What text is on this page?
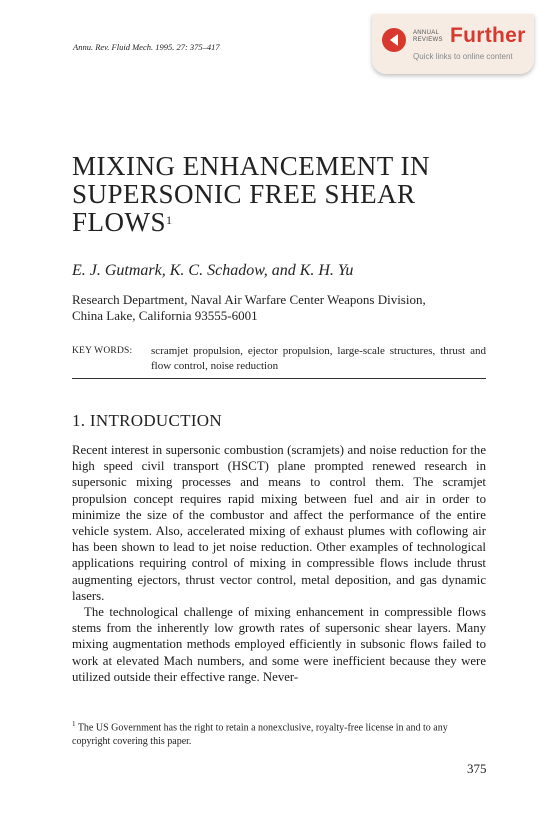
Annu. Rev. Fluid Mech. 1995. 27: 375–417
ANNUAL REVIEWS Further
Quick links to online content
MIXING ENHANCEMENT IN SUPERSONIC FREE SHEAR FLOWS$^1$
E. J. Gutmark, K. C. Schadow, and K. H. Yu
Research Department, Naval Air Warfare Center Weapons Division,
China Lake, California 93555-6001
KEY WORDS: scramjet propulsion, ejector propulsion, large-scale structures, thrust and flow control, noise reduction
1. INTRODUCTION

Recent interest in supersonic combustion (scramjets) and noise reduction for the high speed civil transport (HSCT) plane prompted renewed research in supersonic mixing processes and means to control them. The scramjet propulsion concept requires rapid mixing between fuel and air in order to minimize the size of the combustor and affect the performance of the entire vehicle system. Also, accelerated mixing of exhaust plumes with coflowing air has been shown to lead to jet noise reduction. Other examples of technological applications requiring control of mixing in compressible flows include thrust augmenting ejectors, thrust vector control, metal deposition, and gas dynamic lasers.

The technological challenge of mixing enhancement in compressible flows stems from the inherently low growth rates of supersonic shear layers. Many mixing augmentation methods employed efficiently in subsonic flows failed to work at elevated Mach numbers, and some were inefficient because they were utilized outside their effective range. Never-

$^1$ The US Government has the right to retain a nonexclusive, royalty-free license in and to any copyright covering this paper.
375
